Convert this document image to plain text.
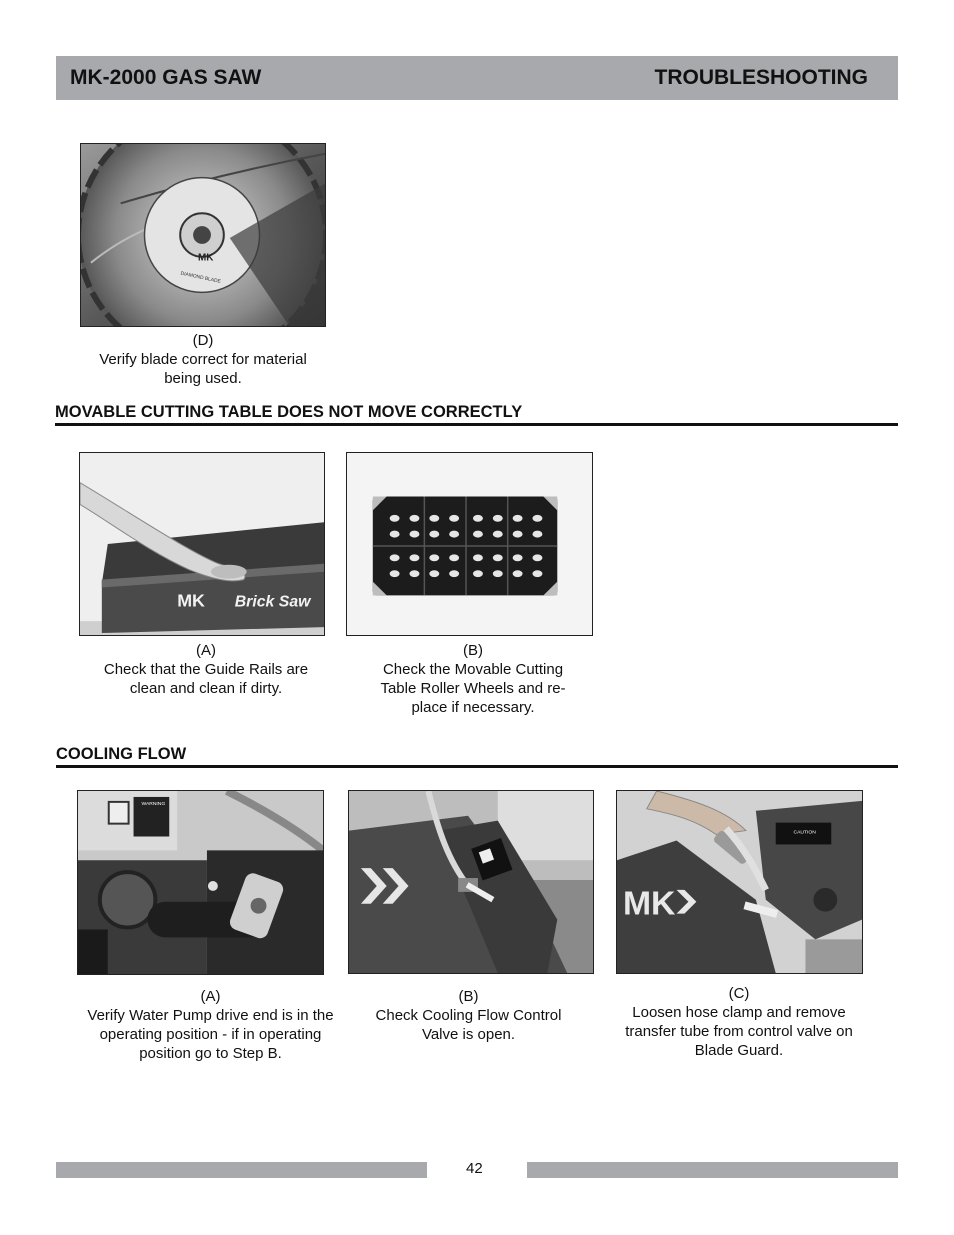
MK-2000 GAS SAW	TROUBLESHOOTING
MK
DIAMOND BLADE
(D)
Verify blade correct for material
being used.
MOVABLE CUTTING TABLE DOES NOT MOVE CORRECTLY
MK Brick Saw
(A)
Check that the Guide Rails are
clean and clean if dirty.
(B)
Check the Movable Cutting
Table Roller Wheels and re-
place if necessary.
COOLING FLOW
WARNING
(A)
Verify Water Pump drive end is in the
operating position - if in operating
position go to Step B.
(B)
Check Cooling Flow Control
Valve is open.
MK
CAUTION
(C)
Loosen hose clamp and remove
transfer tube from control valve on
Blade Guard.
42
